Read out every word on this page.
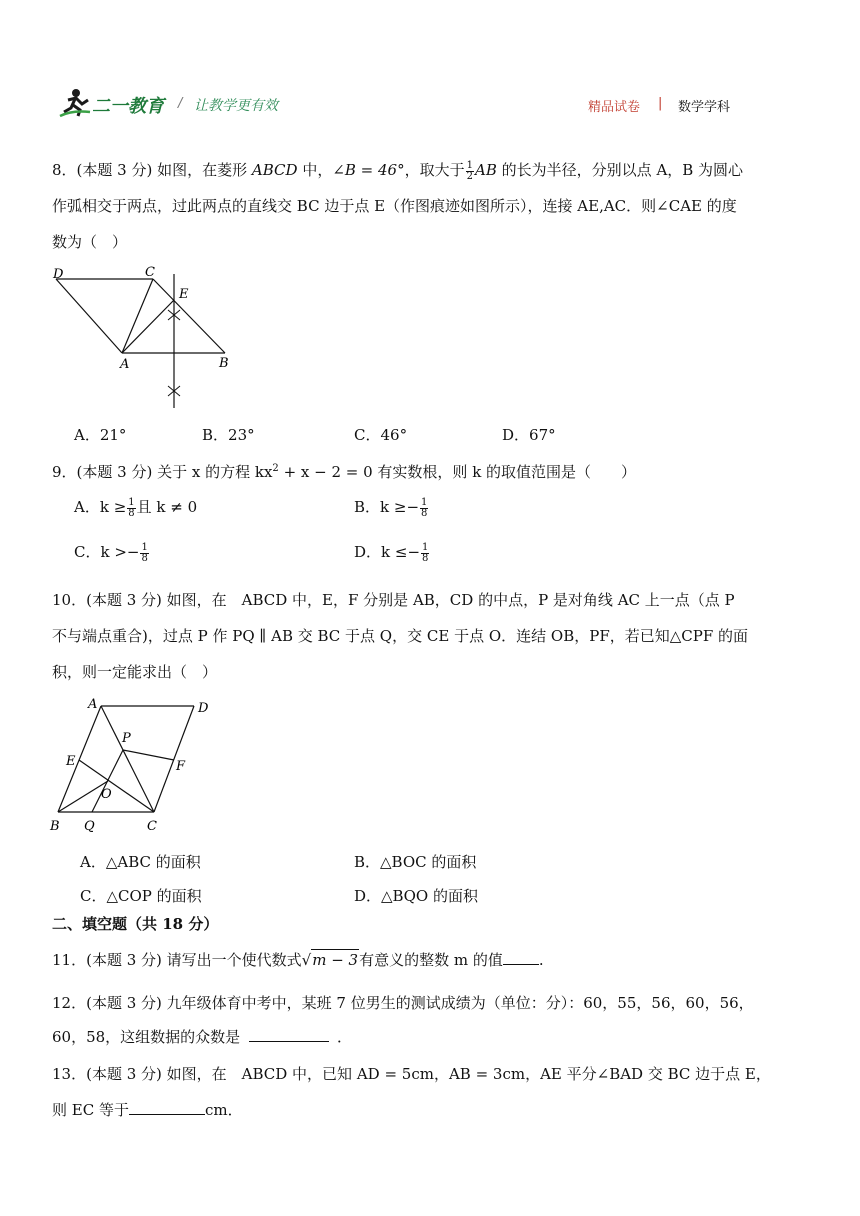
二一教育 / 让教学更有效	精品试卷 | 数学学科
8．(本题 3 分) 如图，在菱形 ABCD 中，∠B = 46°，取大于 $\frac{1}{2}$ AB 的长为半径，分别以点 A，B 为圆心
作弧相交于两点，过此两点的直线交 BC 边于点 E（作图痕迹如图所示），连接 AE,AC．则∠CAE 的度
数为（　）
D	C
E
A	B
A．21°	B．23°	C．46°	D．67°
9．(本题 3 分) 关于 x 的方程 $kx^2 + x - 2 = 0$ 有实数根，则 k 的取值范围是（　　）
A．$k \ge \frac{1}{8}$ 且 k ≠ 0	B．$k \ge- \frac{1}{8}$
C．$k >- \frac{1}{8}$	D．$k \le- \frac{1}{8}$
10．(本题 3 分) 如图，在　ABCD 中，E，F 分别是 AB，CD 的中点，P 是对角线 AC 上一点（点 P
不与端点重合)，过点 P 作 PQ ∥ AB 交 BC 于点 Q，交 CE 于点 O．连结 OB，PF，若已知△CPF 的面
积，则一定能求出（　）
A	D
P
E	F
O
B Q	C
A．△ABC 的面积	B．△BOC 的面积
C．△COP 的面积	D．△BQO 的面积
二、填空题（共 18 分）
11．(本题 3 分) 请写出一个使代数式√m − 3有意义的整数 m 的值 .
12．(本题 3 分) 九年级体育中考中，某班 7 位男生的测试成绩为（单位：分）：60，55，56，60，56，
60，58，这组数据的众数是	．
13．(本题 3 分) 如图，在　ABCD 中，已知 AD = 5cm，AB = 3cm，AE 平分∠BAD 交 BC 边于点 E，
则 EC 等于	cm．
